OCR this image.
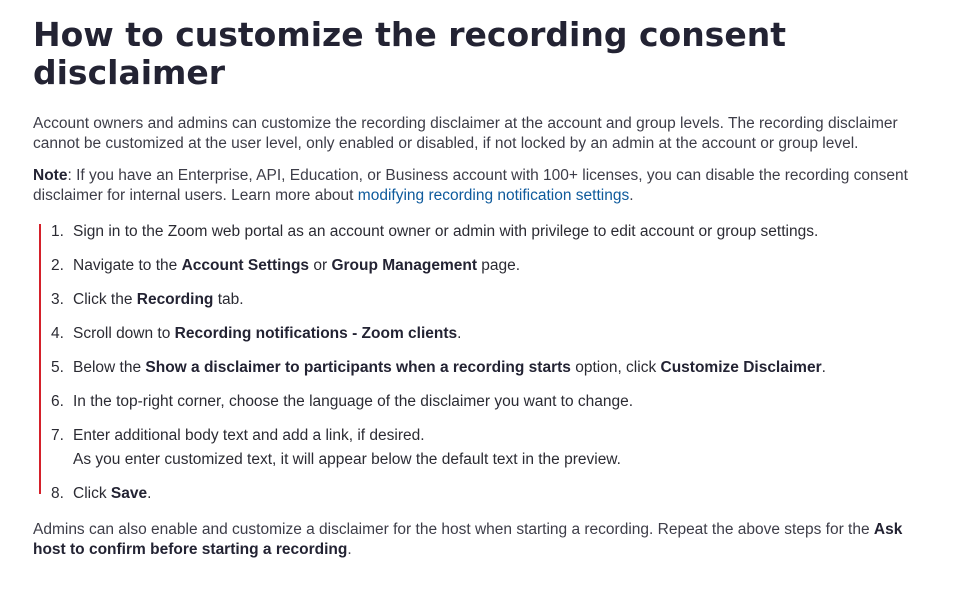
How to customize the recording consent disclaimer

Account owners and admins can customize the recording disclaimer at the account and group levels. The recording disclaimer cannot be customized at the user level, only enabled or disabled, if not locked by an admin at the account or group level.

Note: If you have an Enterprise, API, Education, or Business account with 100+ licenses, you can disable the recording consent disclaimer for internal users. Learn more about modifying recording notification settings.

1. Sign in to the Zoom web portal as an account owner or admin with privilege to edit account or group settings.
2. Navigate to the Account Settings or Group Management page.
3. Click the Recording tab.
4. Scroll down to Recording notifications - Zoom clients.
5. Below the Show a disclaimer to participants when a recording starts option, click Customize Disclaimer.
6. In the top-right corner, choose the language of the disclaimer you want to change.
7. Enter additional body text and add a link, if desired.
As you enter customized text, it will appear below the default text in the preview.
8. Click Save.

Admins can also enable and customize a disclaimer for the host when starting a recording. Repeat the above steps for the Ask host to confirm before starting a recording.
